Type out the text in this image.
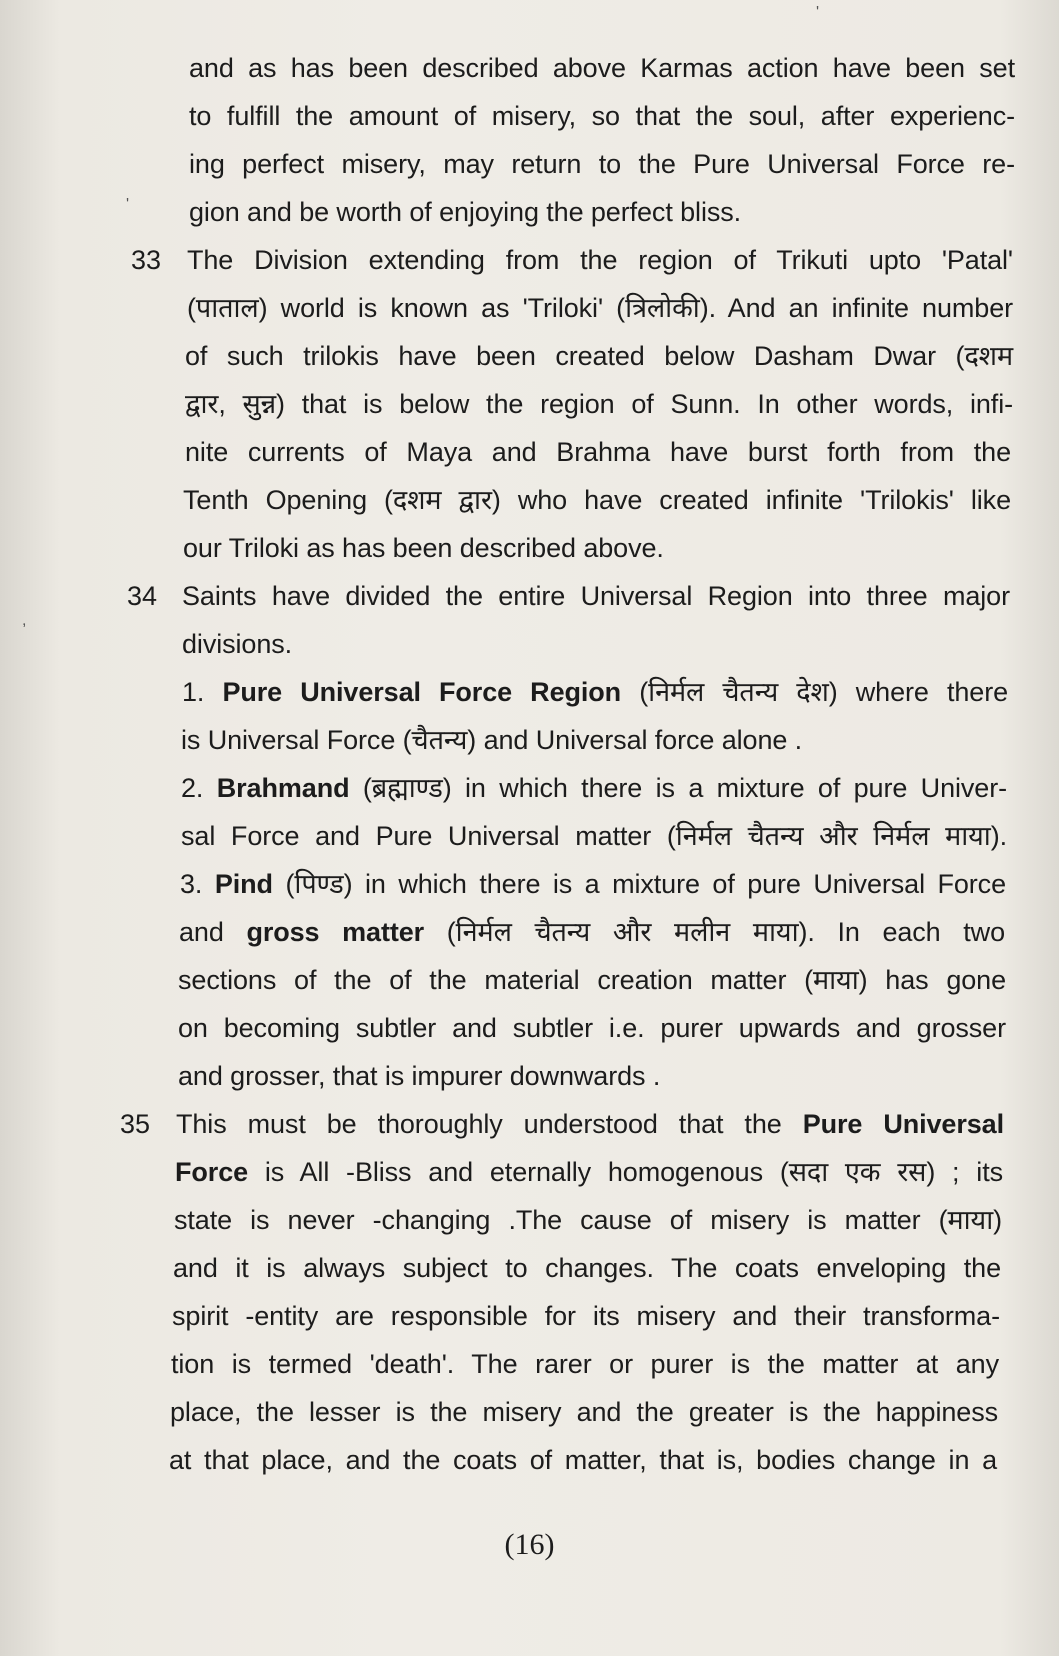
'
'
,
and as has been described above Karmas action have been set
to fulfill the amount of misery, so that the soul, after experienc-
ing perfect misery, may return to the Pure Universal Force re-
gion and be worth of enjoying the perfect bliss.
33 The Division extending from the region of Trikuti upto 'Patal'
(पाताल) world is known as 'Triloki' (त्रिलोकी). And an infinite number
of such trilokis have been created below Dasham Dwar (दशम
द्वार, सुन्न) that is below the region of Sunn. In other words, infi-
nite currents of Maya and Brahma have burst forth from the
Tenth Opening (दशम द्वार) who have created infinite 'Trilokis' like
our Triloki as has been described above.
34 Saints have divided the entire Universal Region into three major
divisions.
1. Pure Universal Force Region (निर्मल चैतन्य देश) where there
is Universal Force (चैतन्य) and Universal force alone .
2. Brahmand (ब्रह्माण्ड) in which there is a mixture of pure Univer-
sal Force and Pure Universal matter (निर्मल चैतन्य और निर्मल माया).
3. Pind (पिण्ड) in which there is a mixture of pure Universal Force
and gross matter (निर्मल चैतन्य और मलीन माया). In each two
sections of the of the material creation matter (माया) has gone
on becoming subtler and subtler i.e. purer upwards and grosser
and grosser, that is impurer downwards .
35 This must be thoroughly understood that the Pure Universal
Force is All -Bliss and eternally homogenous (सदा एक रस) ; its
state is never -changing .The cause of misery is matter (माया)
and it is always subject to changes. The coats enveloping the
spirit -entity are responsible for its misery and their transforma-
tion is termed 'death'. The rarer or purer is the matter at any
place, the lesser is the misery and the greater is the happiness
at that place, and the coats of matter, that is, bodies change in a
(16)
